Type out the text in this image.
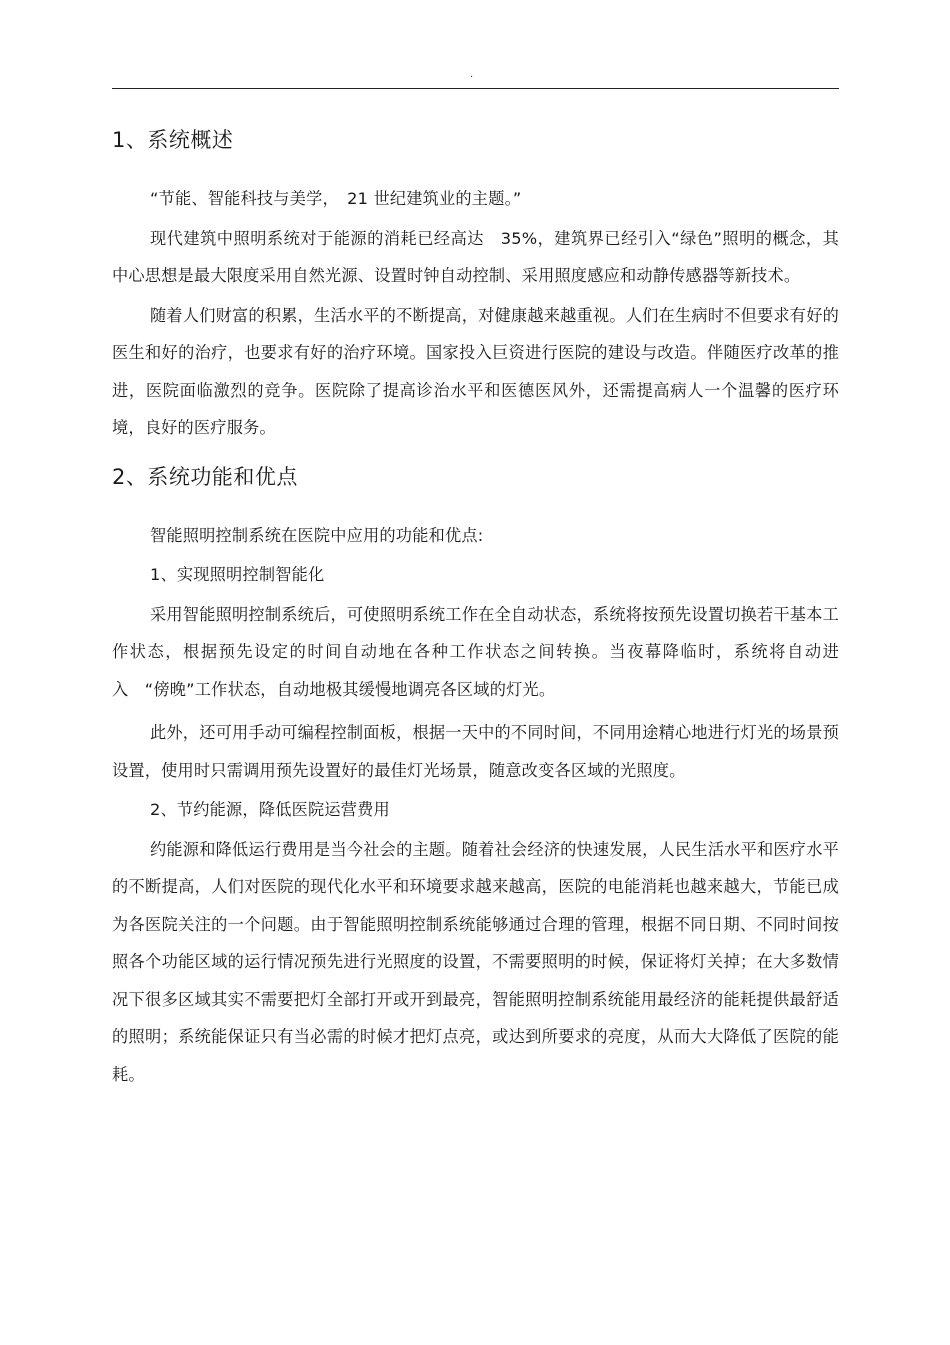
.
1、系统概述
“节能、智能科技与美学，　21 世纪建筑业的主题。”
现代建筑中照明系统对于能源的消耗已经高达　35%，建筑界已经引入“绿色”照明的概念，其中心思想是最大限度采用自然光源、设置时钟自动控制、采用照度感应和动静传感器等新技术。
随着人们财富的积累，生活水平的不断提高，对健康越来越重视。人们在生病时不但要求有好的医生和好的治疗，也要求有好的治疗环境。国家投入巨资进行医院的建设与改造。伴随医疗改革的推进，医院面临激烈的竞争。医院除了提高诊治水平和医德医风外，还需提高病人一个温馨的医疗环境，良好的医疗服务。
2、系统功能和优点
智能照明控制系统在医院中应用的功能和优点:
1、实现照明控制智能化
采用智能照明控制系统后，可使照明系统工作在全自动状态，系统将按预先设置切换若干基本工作状态，根据预先设定的时间自动地在各种工作状态之间转换。当夜幕降临时，系统将自动进入　“傍晚”工作状态，自动地极其缓慢地调亮各区域的灯光。
此外，还可用手动可编程控制面板，根据一天中的不同时间，不同用途精心地进行灯光的场景预设置，使用时只需调用预先设置好的最佳灯光场景，随意改变各区域的光照度。
2、节约能源，降低医院运营费用
约能源和降低运行费用是当今社会的主题。随着社会经济的快速发展，人民生活水平和医疗水平的不断提高，人们对医院的现代化水平和环境要求越来越高，医院的电能消耗也越来越大，节能已成为各医院关注的一个问题。由于智能照明控制系统能够通过合理的管理，根据不同日期、不同时间按照各个功能区域的运行情况预先进行光照度的设置，不需要照明的时候，保证将灯关掉；在大多数情况下很多区域其实不需要把灯全部打开或开到最亮，智能照明控制系统能用最经济的能耗提供最舒适的照明；系统能保证只有当必需的时候才把灯点亮，或达到所要求的亮度，从而大大降低了医院的能耗。
